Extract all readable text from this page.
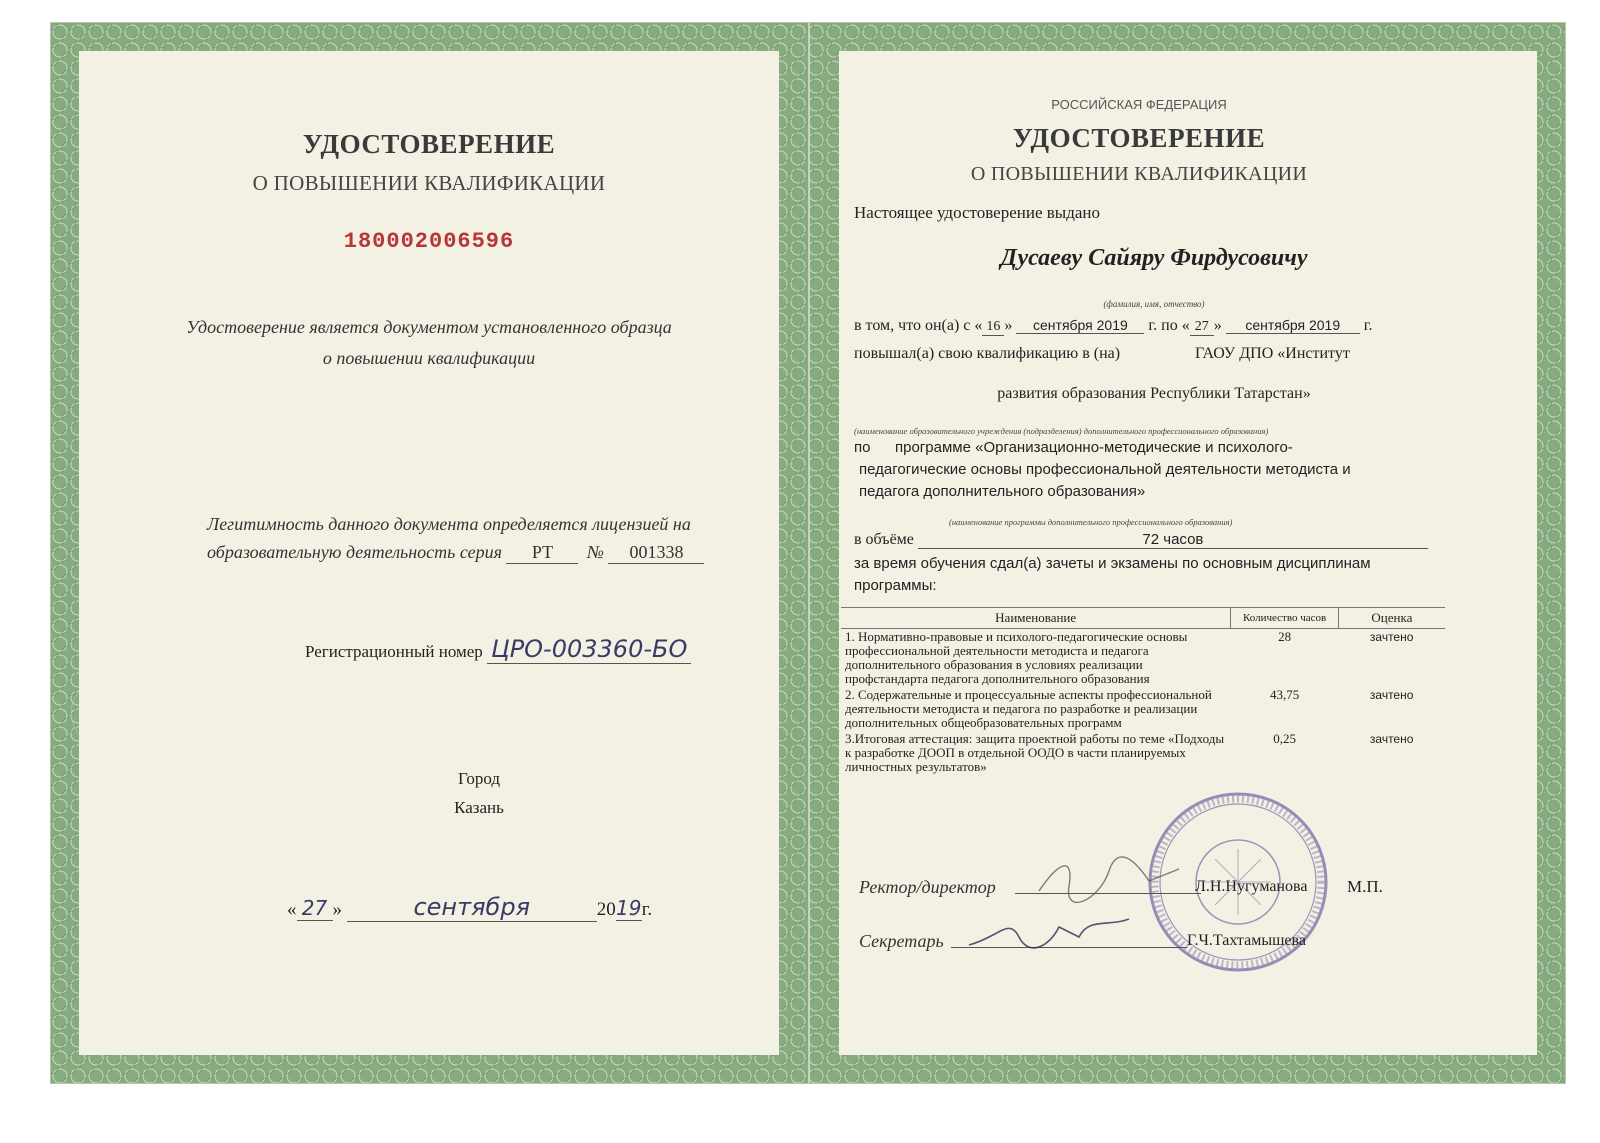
УДОСТОВЕРЕНИЕ
О ПОВЫШЕНИИ КВАЛИФИКАЦИИ
180002006596
Удостоверение является документом установленного образца
о повышении квалификации
Легитимность данного документа определяется лицензией на
образовательную деятельность серия РТ № 001338
Регистрационный номер ЦРО-003360-БО
Город
Казань
« 27 »	сентября	2019г.
РОССИЙСКАЯ ФЕДЕРАЦИЯ
УДОСТОВЕРЕНИЕ
О ПОВЫШЕНИИ КВАЛИФИКАЦИИ
Настоящее удостоверение выдано
Дусаеву Сайяру Фирдусовичу
(фамилия, имя, отчество)
в том, что он(а) с « 16 » сентября 2019 г. по « 27 » сентября 2019 г.
повышал(а) свою квалификацию в (на)	ГАОУ ДПО «Институт
развития образования Республики Татарстан»
(наименование образовательного учреждения (подразделения) дополнительного профессионального образования)
по программе «Организационно-методические и психолого-
педагогические основы профессиональной деятельности методиста и
педагога дополнительного образования»
(наименование программы дополнительного профессионального образования)
в объёме	72 часов
за время обучения сдал(а) зачеты и экзамены по основным дисциплинам
программы:
Наименование	Количество часов	Оценка
1. Нормативно-правовые и психолого-педагогические основы профессиональной деятельности методиста и педагога дополнительного образования в условиях реализации профстандарта педагога дополнительного образования	28	зачтено
2. Содержательные и процессуальные аспекты профессиональной деятельности методиста и педагога по разработке и реализации дополнительных общеобразовательных программ	43,75	зачтено
3.Итоговая аттестация: защита проектной работы по теме «Подходы к разработке ДООП в отдельной ООДО в части планируемых личностных результатов»	0,25	зачтено
Ректор/директор	Л.Н.Нугуманова М.П.
Секретарь	Г.Ч.Тахтамышева
